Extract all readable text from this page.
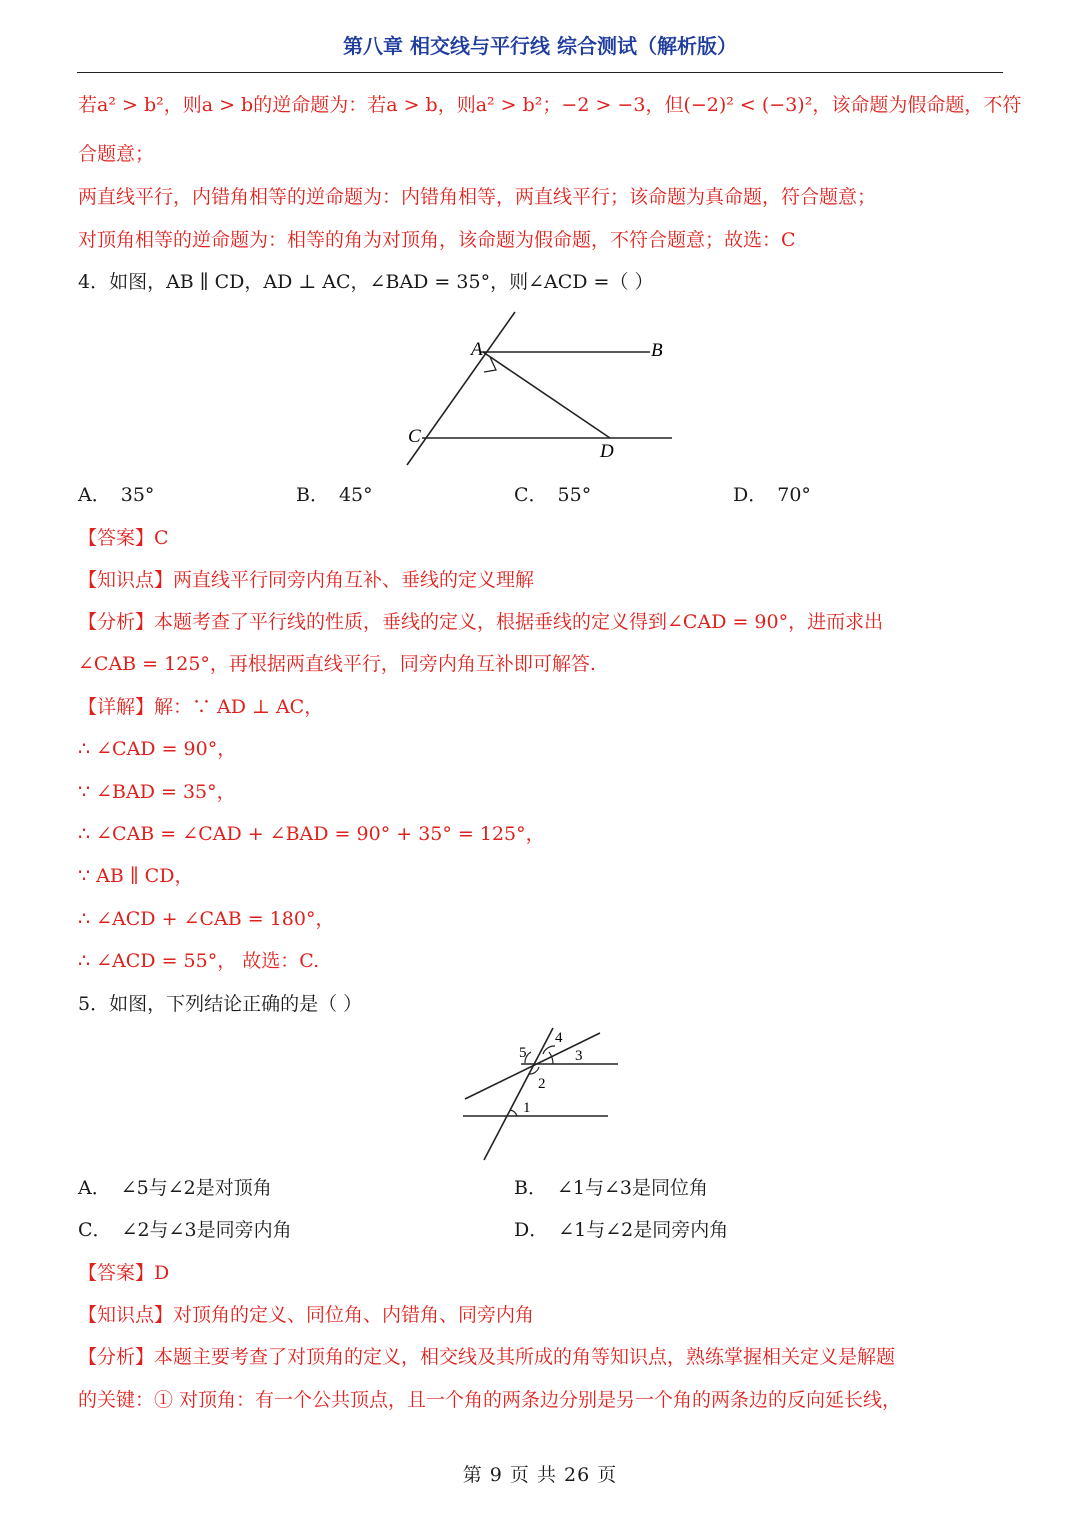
第八章 相交线与平行线 综合测试（解析版）
若a² > b²，则a > b的逆命题为：若a > b，则a² > b²；−2 > −3，但(−2)² < (−3)²，该命题为假命题，不符
合题意；
两直线平行，内错角相等的逆命题为：内错角相等，两直线平行；该命题为真命题，符合题意；
对顶角相等的逆命题为：相等的角为对顶角，该命题为假命题，不符合题意；故选：C
4．如图，AB ∥ CD，AD ⊥ AC，∠BAD = 35°，则∠ACD =（ ）
A	B
C
D
A． 35°	B． 45°	C． 55°	D． 70°
【答案】C
【知识点】两直线平行同旁内角互补、垂线的定义理解
【分析】本题考查了平行线的性质，垂线的定义，根据垂线的定义得到∠CAD = 90°，进而求出
∠CAB = 125°，再根据两直线平行，同旁内角互补即可解答.
【详解】解：∵ AD ⊥ AC，
∴ ∠CAD = 90°，
∵ ∠BAD = 35°，
∴ ∠CAB = ∠CAD + ∠BAD = 90° + 35° = 125°，
∵ AB ∥ CD，
∴ ∠ACD + ∠CAB = 180°，
∴ ∠ACD = 55°， 故选：C.
5．如图，下列结论正确的是（ ）
4
3
5
2
1
A． ∠5与∠2是对顶角	B． ∠1与∠3是同位角
C． ∠2与∠3是同旁内角	D． ∠1与∠2是同旁内角
【答案】D
【知识点】对顶角的定义、同位角、内错角、同旁内角
【分析】本题主要考查了对顶角的定义，相交线及其所成的角等知识点，熟练掌握相关定义是解题
的关键：① 对顶角：有一个公共顶点，且一个角的两条边分别是另一个角的两条边的反向延长线，
第 9 页 共 26 页
